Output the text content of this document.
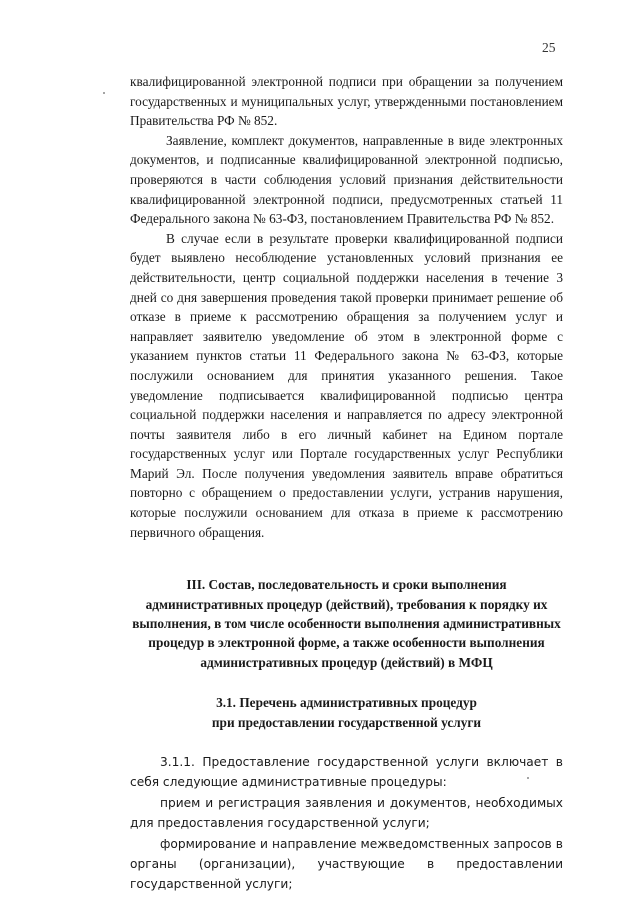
25

квалифицированной электронной подписи при обращении за получением государственных и муниципальных услуг, утвержденными постановлением Правительства РФ № 852.

Заявление, комплект документов, направленные в виде электронных документов, и подписанные квалифицированной электронной подписью, проверяются в части соблюдения условий признания действительности квалифицированной электронной подписи, предусмотренных статьей 11 Федерального закона № 63-ФЗ, постановлением Правительства РФ № 852.

В случае если в результате проверки квалифицированной подписи будет выявлено несоблюдение установленных условий признания ее действительности, центр социальной поддержки населения в течение 3 дней со дня завершения проведения такой проверки принимает решение об отказе в приеме к рассмотрению обращения за получением услуг и направляет заявителю уведомление об этом в электронной форме с указанием пунктов статьи 11 Федерального закона № 63-ФЗ, которые послужили основанием для принятия указанного решения. Такое уведомление подписывается квалифицированной подписью центра социальной поддержки населения и направляется по адресу электронной почты заявителя либо в его личный кабинет на Едином портале государственных услуг или Портале государственных услуг Республики Марий Эл. После получения уведомления заявитель вправе обратиться повторно с обращением о предоставлении услуги, устранив нарушения, которые послужили основанием для отказа в приеме к рассмотрению первичного обращения.

III. Состав, последовательность и сроки выполнения административных процедур (действий), требования к порядку их выполнения, в том числе особенности выполнения административных процедур в электронной форме, а также особенности выполнения административных процедур (действий) в МФЦ

3.1. Перечень административных процедур
при предоставлении государственной услуги

3.1.1. Предоставление государственной услуги включает в себя следующие административные процедуры:

прием и регистрация заявления и документов, необходимых для предоставления государственной услуги;

формирование и направление межведомственных запросов в органы (организации), участвующие в предоставлении государственной услуги;
